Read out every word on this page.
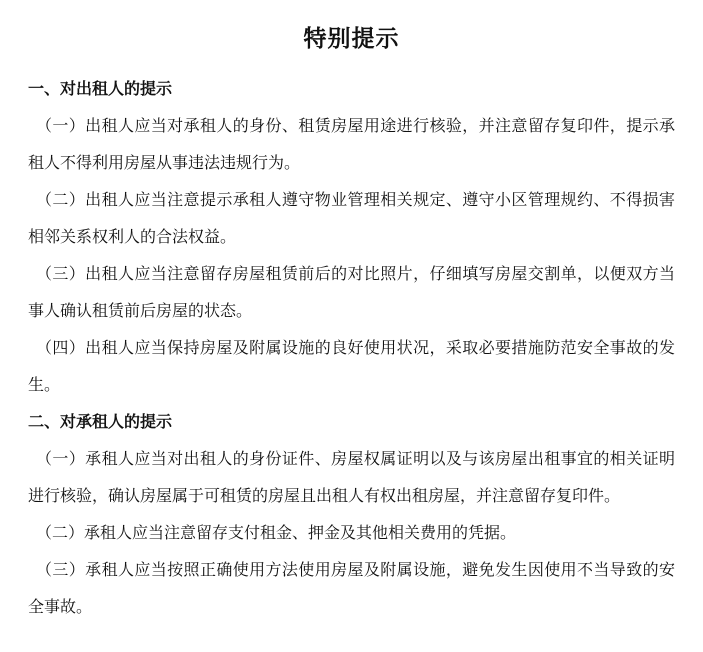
特别提示

一、对出租人的提示

（一）出租人应当对承租人的身份、租赁房屋用途进行核验，并注意留存复印件，提示承租人不得利用房屋从事违法违规行为。

（二）出租人应当注意提示承租人遵守物业管理相关规定、遵守小区管理规约、不得损害相邻关系权利人的合法权益。

（三）出租人应当注意留存房屋租赁前后的对比照片，仔细填写房屋交割单，以便双方当事人确认租赁前后房屋的状态。

（四）出租人应当保持房屋及附属设施的良好使用状况，采取必要措施防范安全事故的发生。

二、对承租人的提示

（一）承租人应当对出租人的身份证件、房屋权属证明以及与该房屋出租事宜的相关证明进行核验，确认房屋属于可租赁的房屋且出租人有权出租房屋，并注意留存复印件。

（二）承租人应当注意留存支付租金、押金及其他相关费用的凭据。

（三）承租人应当按照正确使用方法使用房屋及附属设施，避免发生因使用不当导致的安全事故。
